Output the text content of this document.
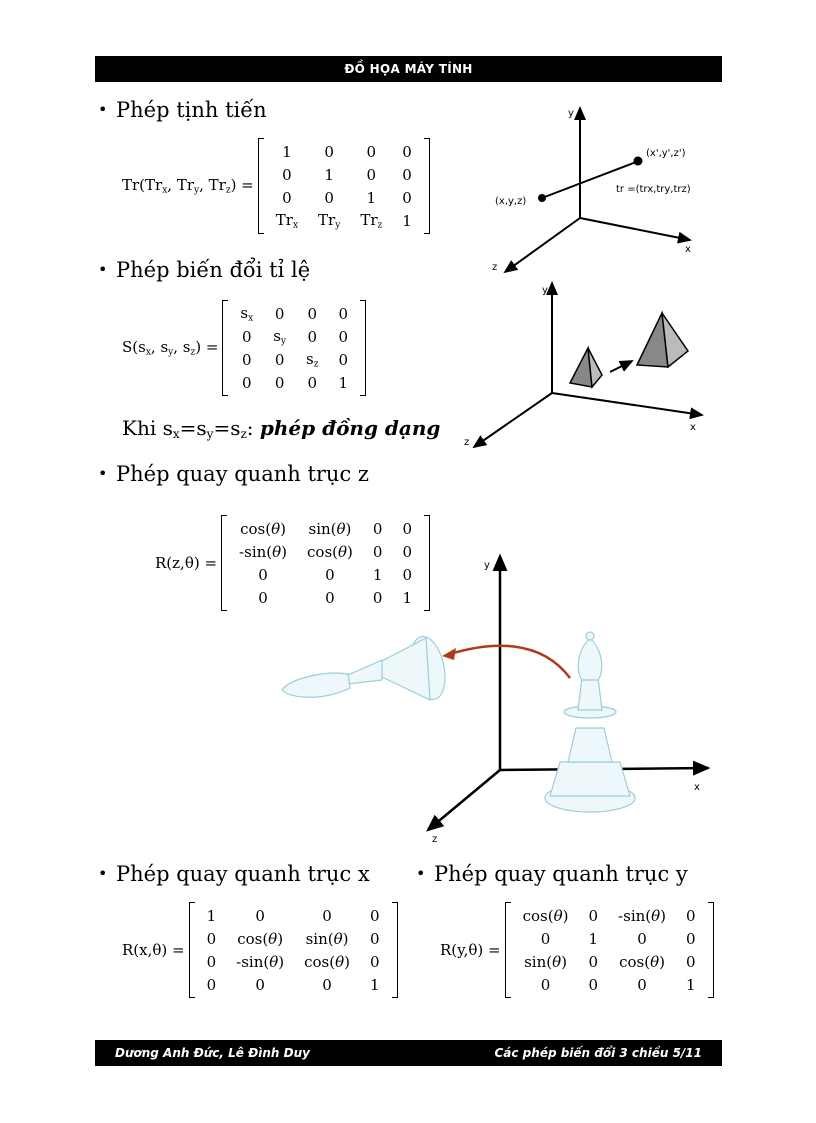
ĐỒ HỌA MÁY TÍNH
• Phép tịnh tiến
$Tr(Tr_x$, $Tr_y$, $Tr_z$) =
1	0	0	0
0	1	0	0
0	0	1	0
$Tr_x$	$Tr_y$	$Tr_z$	1
y
x
z
(x,y,z)
(x',y',z')
tr =(trx,try,trz)
• Phép biến đổi tỉ lệ
$S(s_x$, $s_y$, $s_z$) =
$s_x$	0	0	0
0	$s_y$	0	0
0	0	$s_z$	0
0	0	0	1
Khi $s_x=s_y=s_z$: phép đồng dạng
y
x
z
• Phép quay quanh trục z
R(z,θ) =
cos(θ)	sin(θ)	0	0
-sin(θ)	cos(θ)	0	0
0	0	1	0
0	0	0	1
y
x
z
• Phép quay quanh trục x
R(x,θ) =
1	0	0	0
0	cos(θ)	sin(θ)	0
0	-sin(θ)	cos(θ)	0
0	0	0	1
• Phép quay quanh trục y
R(y,θ) =
cos(θ)	0	-sin(θ)	0
0	1	0	0
sin(θ)	0	cos(θ)	0
0	0	0	1
Dương Anh Đức, Lê Đình Duy	Các phép biến đổi 3 chiều 5/11
